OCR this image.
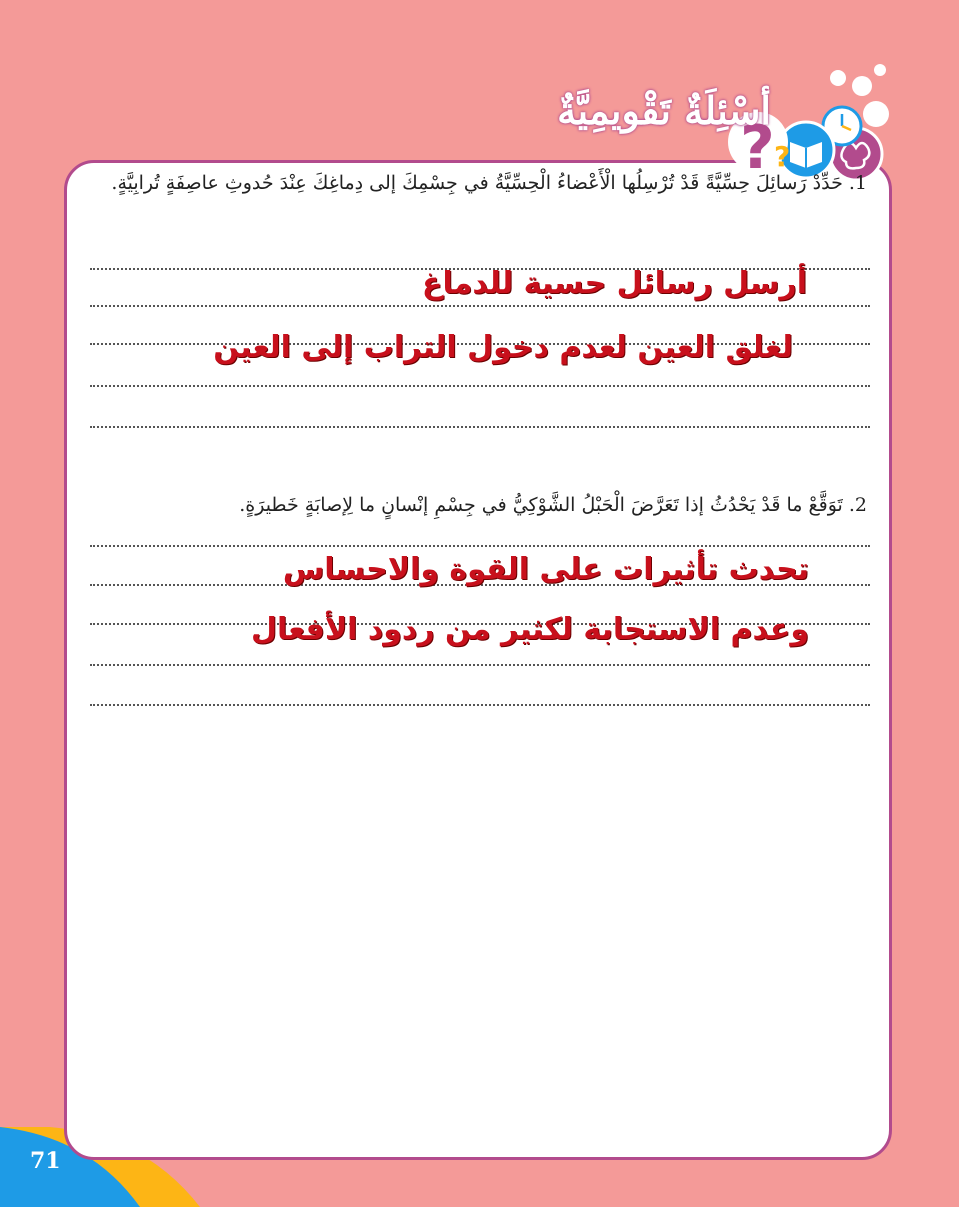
71
? ?
أسْئِلَةٌ تَقْويمِيَّةٌ
1. حَدِّدْ رَسائِلَ حِسِّيَّةً قَدْ تُرْسِلُها الْأَعْضاءُ الْحِسِّيَّةُ في جِسْمِكَ إلى دِماغِكَ عِنْدَ حُدوثِ عاصِفَةٍ تُرابِيَّةٍ.
أرسل رسائل حسية للدماغ
لغلق العين لعدم دخول التراب إلى العين
2. تَوَقَّعْ ما قَدْ يَحْدُثُ إذا تَعَرَّضَ الْحَبْلُ الشَّوْكِيُّ في جِسْمِ إنْسانٍ ما لِإصابَةٍ خَطيرَةٍ.
تحدث تأثيرات على القوة والاحساس
وعدم الاستجابة لكثير من ردود الأفعال
